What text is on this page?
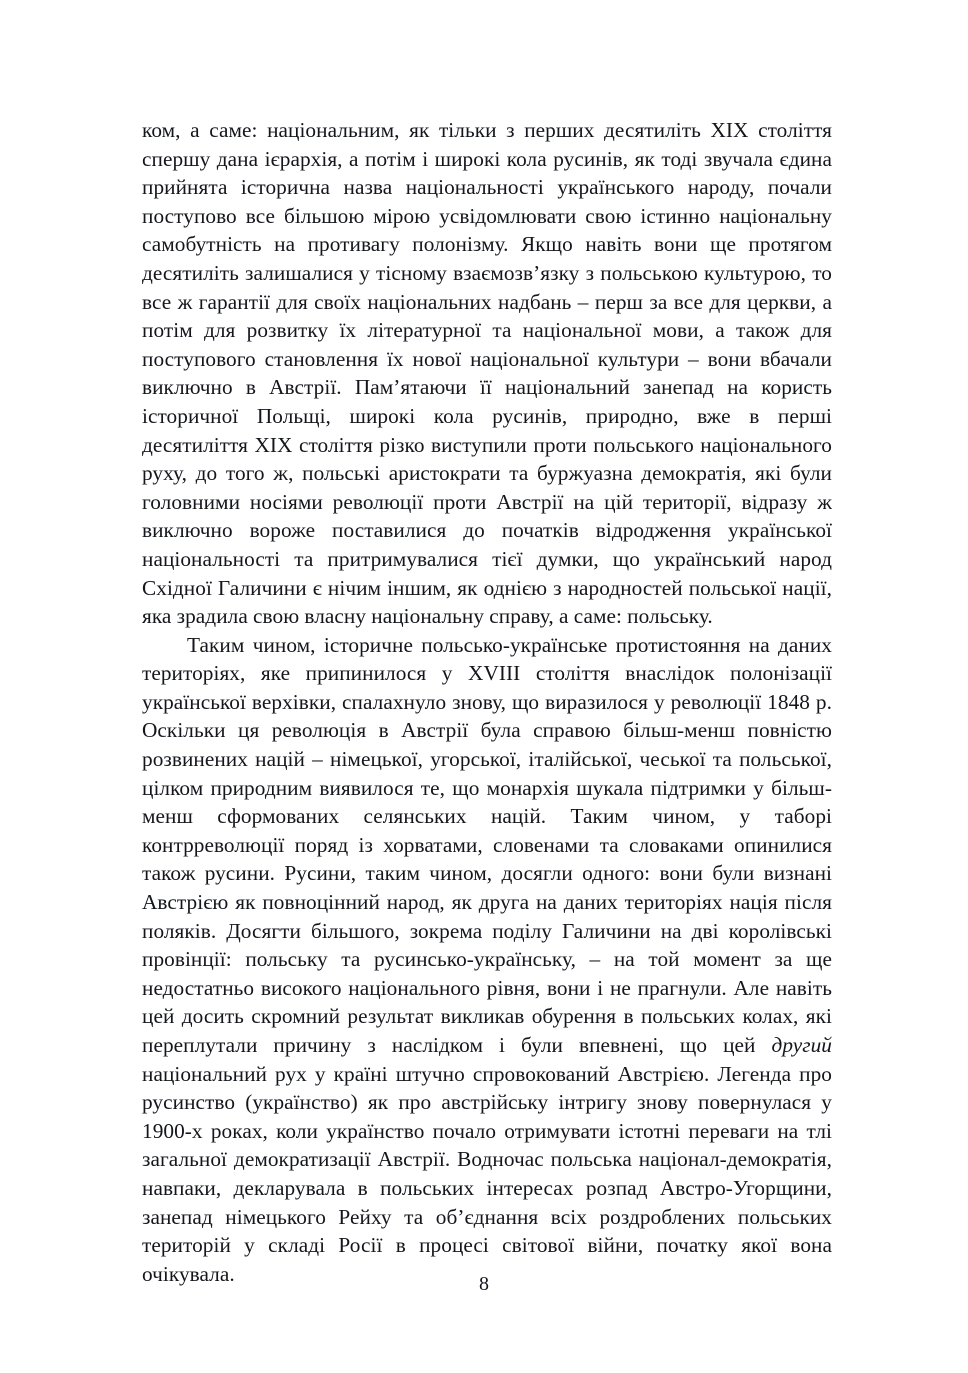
ком, а саме: національним, як тільки з перших десятиліть XIX століття спершу дана ієрархія, а потім і широкі кола русинів, як тоді звучала єдина прийнята історична назва національності українського народу, почали поступово все більшою мірою усвідомлювати свою істинно національну самобутність на противагу полонізму. Якщо навіть вони ще протягом десятиліть залишалися у тісному взаємозв’язку з польською культурою, то все ж гарантії для своїх національних надбань – перш за все для церкви, а потім для розвитку їх літературної та національної мови, а також для поступового становлення їх нової національної культури – вони вбачали виключно в Австрії. Пам’ятаючи її національний занепад на користь історичної Польщі, широкі кола русинів, природно, вже в перші десятиліття XIX століття різко виступили проти польського національного руху, до того ж, польські аристократи та буржуазна демократія, які були головними носіями революції проти Австрії на цій території, відразу ж виключно вороже поставилися до початків відродження української національності та притримувалися тієї думки, що український народ Східної Галичини є нічим іншим, як однією з народностей польської нації, яка зрадила свою власну національну справу, а саме: польську.

Таким чином, історичне польсько-українське протистояння на даних територіях, яке припинилося у XVIII століття внаслідок полонізації української верхівки, спалахнуло знову, що виразилося у революції 1848 р. Оскільки ця революція в Австрії була справою більш-менш повністю розвинених націй – німецької, угорської, італійської, чеської та польської, цілком природним виявилося те, що монархія шукала підтримки у більш-менш сформованих селянських націй. Таким чином, у таборі контрреволюції поряд із хорватами, словенами та словаками опинилися також русини. Русини, таким чином, досягли одного: вони були визнані Австрією як повноцінний народ, як друга на даних територіях нація після поляків. Досягти більшого, зокрема поділу Галичини на дві королівські провінції: польську та русинсько-українську, – на той момент за ще недостатньо високого національного рівня, вони і не прагнули. Але навіть цей досить скромний результат викликав обурення в польських колах, які переплутали причину з наслідком і були впевнені, що цей другий національний рух у країні штучно спровокований Австрією. Легенда про русинство (українство) як про австрійську інтригу знову повернулася у 1900-х роках, коли українство почало отримувати істотні переваги на тлі загальної демократизації Австрії. Водночас польська націонал-демократія, навпаки, декларувала в польських інтересах розпад Австро-Угорщини, занепад німецького Рейху та об’єднання всіх роздроблених польських територій у складі Росії в процесі світової війни, початку якої вона очікувала.	8
